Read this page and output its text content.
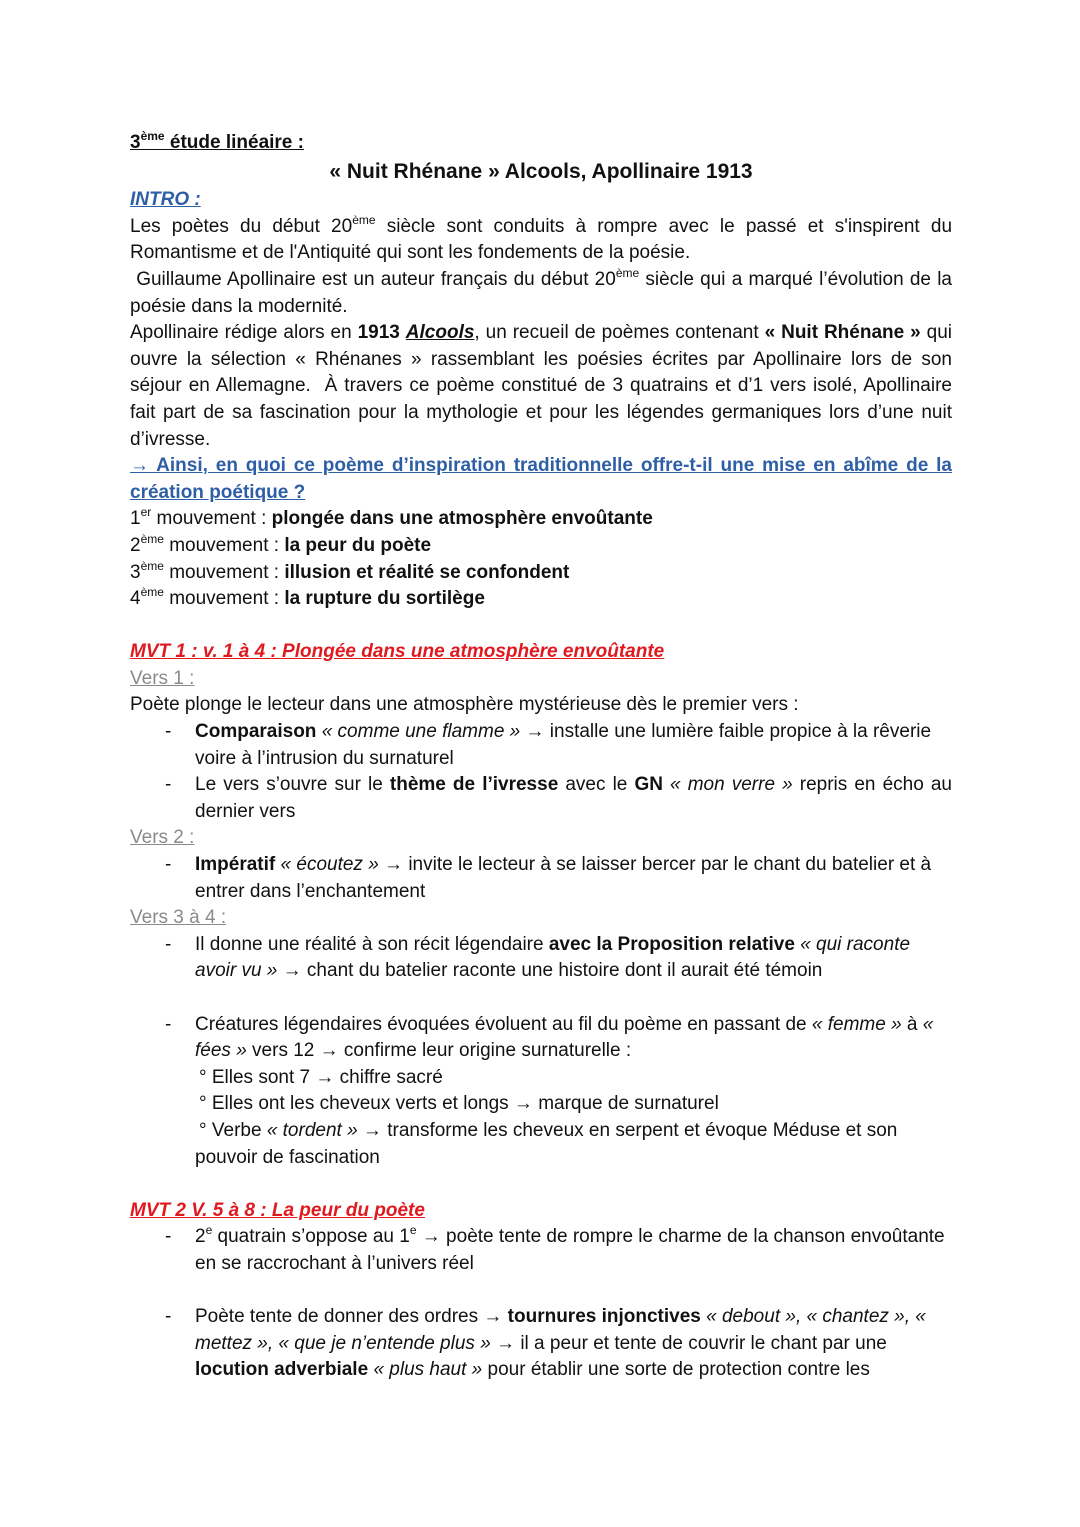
3ème étude linéaire :
« Nuit Rhénane » Alcools, Apollinaire 1913
INTRO :
Les poètes du début 20ème siècle sont conduits à rompre avec le passé et s'inspirent du Romantisme et de l'Antiquité qui sont les fondements de la poésie.
Guillaume Apollinaire est un auteur français du début 20ème siècle qui a marqué l’évolution de la poésie dans la modernité.
Apollinaire rédige alors en 1913 Alcools, un recueil de poèmes contenant « Nuit Rhénane » qui ouvre la sélection « Rhénanes » rassemblant les poésies écrites par Apollinaire lors de son séjour en Allemagne.  À travers ce poème constitué de 3 quatrains et d’1 vers isolé, Apollinaire fait part de sa fascination pour la mythologie et pour les légendes germaniques lors d’une nuit d’ivresse.
→ Ainsi, en quoi ce poème d’inspiration traditionnelle offre-t-il une mise en abîme de la création poétique ?
1er mouvement : plongée dans une atmosphère envoûtante
2ème mouvement : la peur du poète
3ème mouvement : illusion et réalité se confondent
4ème mouvement : la rupture du sortilège
MVT 1 : v. 1 à 4 : Plongée dans une atmosphère envoûtante
Vers 1 :
Poète plonge le lecteur dans une atmosphère mystérieuse dès le premier vers :
- Comparaison « comme une flamme » → installe une lumière faible propice à la rêverie voire à l’intrusion du surnaturel
- Le vers s’ouvre sur le thème de l’ivresse avec le GN « mon verre » repris en écho au dernier vers
Vers 2 :
- Impératif « écoutez » → invite le lecteur à se laisser bercer par le chant du batelier et à entrer dans l’enchantement
Vers 3 à 4 :
- Il donne une réalité à son récit légendaire avec la Proposition relative « qui raconte avoir vu » → chant du batelier raconte une histoire dont il aurait été témoin
- Créatures légendaires évoquées évoluent au fil du poème en passant de « femme » à « fées » vers 12 → confirme leur origine surnaturelle :
° Elles sont 7 → chiffre sacré
° Elles ont les cheveux verts et longs → marque de surnaturel
° Verbe « tordent » → transforme les cheveux en serpent et évoque Méduse et son pouvoir de fascination
MVT 2 V. 5 à 8 : La peur du poète
- 2e quatrain s’oppose au $1^e$ → poète tente de rompre le charme de la chanson envoûtante en se raccrochant à l’univers réel
- Poète tente de donner des ordres → tournures injonctives « debout », « chantez », « mettez », « que je n’entende plus » → il a peur et tente de couvrir le chant par une locution adverbiale « plus haut » pour établir une sorte de protection contre les
